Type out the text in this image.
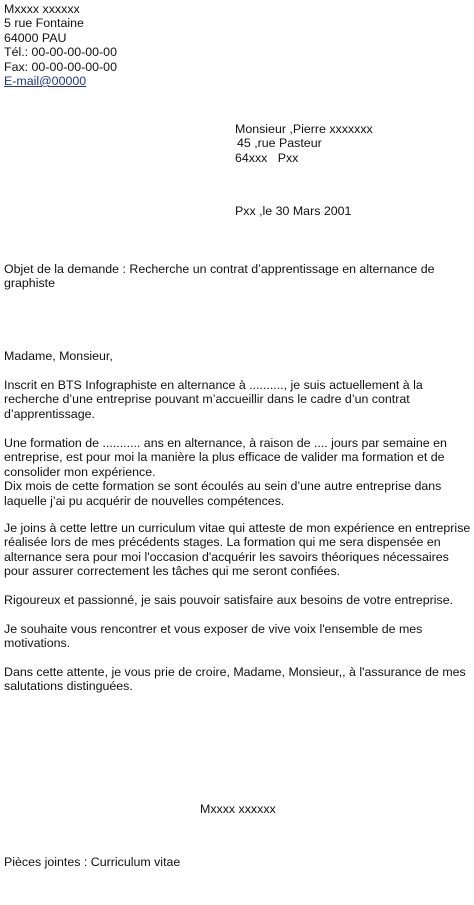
Mxxxx xxxxxx
5 rue Fontaine
64000 PAU
Tél.: 00-00-00-00-00
Fax: 00-00-00-00-00
E-mail@00000
Monsieur ,Pierre xxxxxxx
45 ,rue Pasteur
64xxx   Pxx
Pxx ,le 30 Mars 2001
Objet de la demande : Recherche un contrat d’apprentissage en alternance de
graphiste
Madame, Monsieur,
Inscrit en BTS Infographiste en alternance à .........., je suis actuellement à la
recherche d’une entreprise pouvant m’accueillir dans le cadre d’un contrat
d’apprentissage.
Une formation de ........... ans en alternance, à raison de .... jours par semaine en
entreprise, est pour moi la manière la plus efficace de valider ma formation et de
consolider mon expérience.
Dix mois de cette formation se sont écoulés au sein d’une autre entreprise dans
laquelle j’ai pu acquérir de nouvelles compétences.
Je joins à cette lettre un curriculum vitae qui atteste de mon expérience en entreprise
réalisée lors de mes précédents stages. La formation qui me sera dispensée en
alternance sera pour moi l'occasion d'acquérir les savoirs théoriques nécessaires
pour assurer correctement les tâches qui me seront confiées.
Rigoureux et passionné, je sais pouvoir satisfaire aux besoins de votre entreprise.
Je souhaite vous rencontrer et vous exposer de vive voix l'ensemble de mes
motivations.
Dans cette attente, je vous prie de croire, Madame, Monsieur,, à l'assurance de mes
salutations distinguées.
Mxxxx xxxxxx
Pièces jointes : Curriculum vitae
